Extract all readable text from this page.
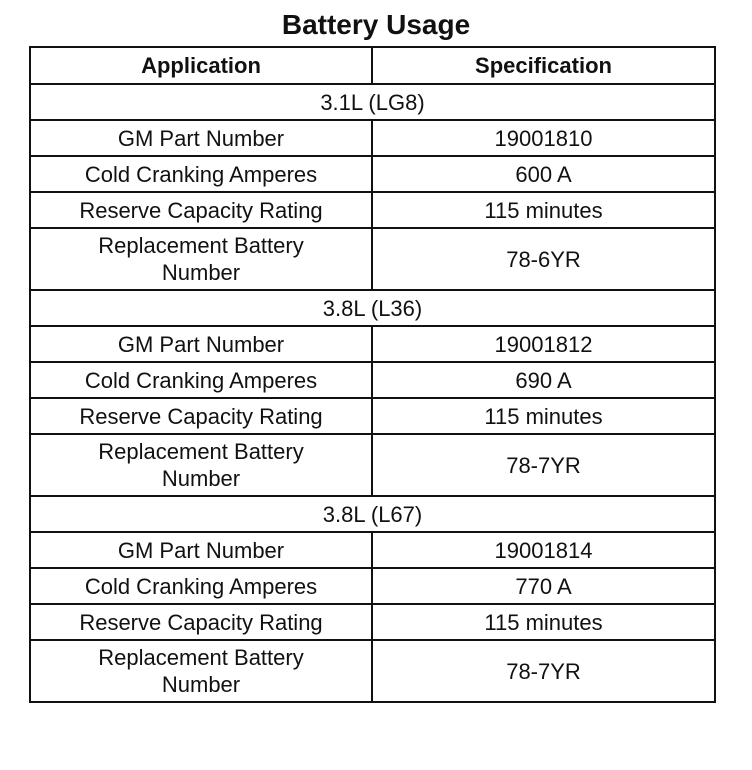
Battery Usage
Application	Specification
3.1L (LG8)	
GM Part Number	19001810
Cold Cranking Amperes	600 A
Reserve Capacity Rating	115 minutes
Replacement Battery Number	78-6YR
3.8L (L36)	
GM Part Number	19001812
Cold Cranking Amperes	690 A
Reserve Capacity Rating	115 minutes
Replacement Battery Number	78-7YR
3.8L (L67)	
GM Part Number	19001814
Cold Cranking Amperes	770 A
Reserve Capacity Rating	115 minutes
Replacement Battery Number	78-7YR
